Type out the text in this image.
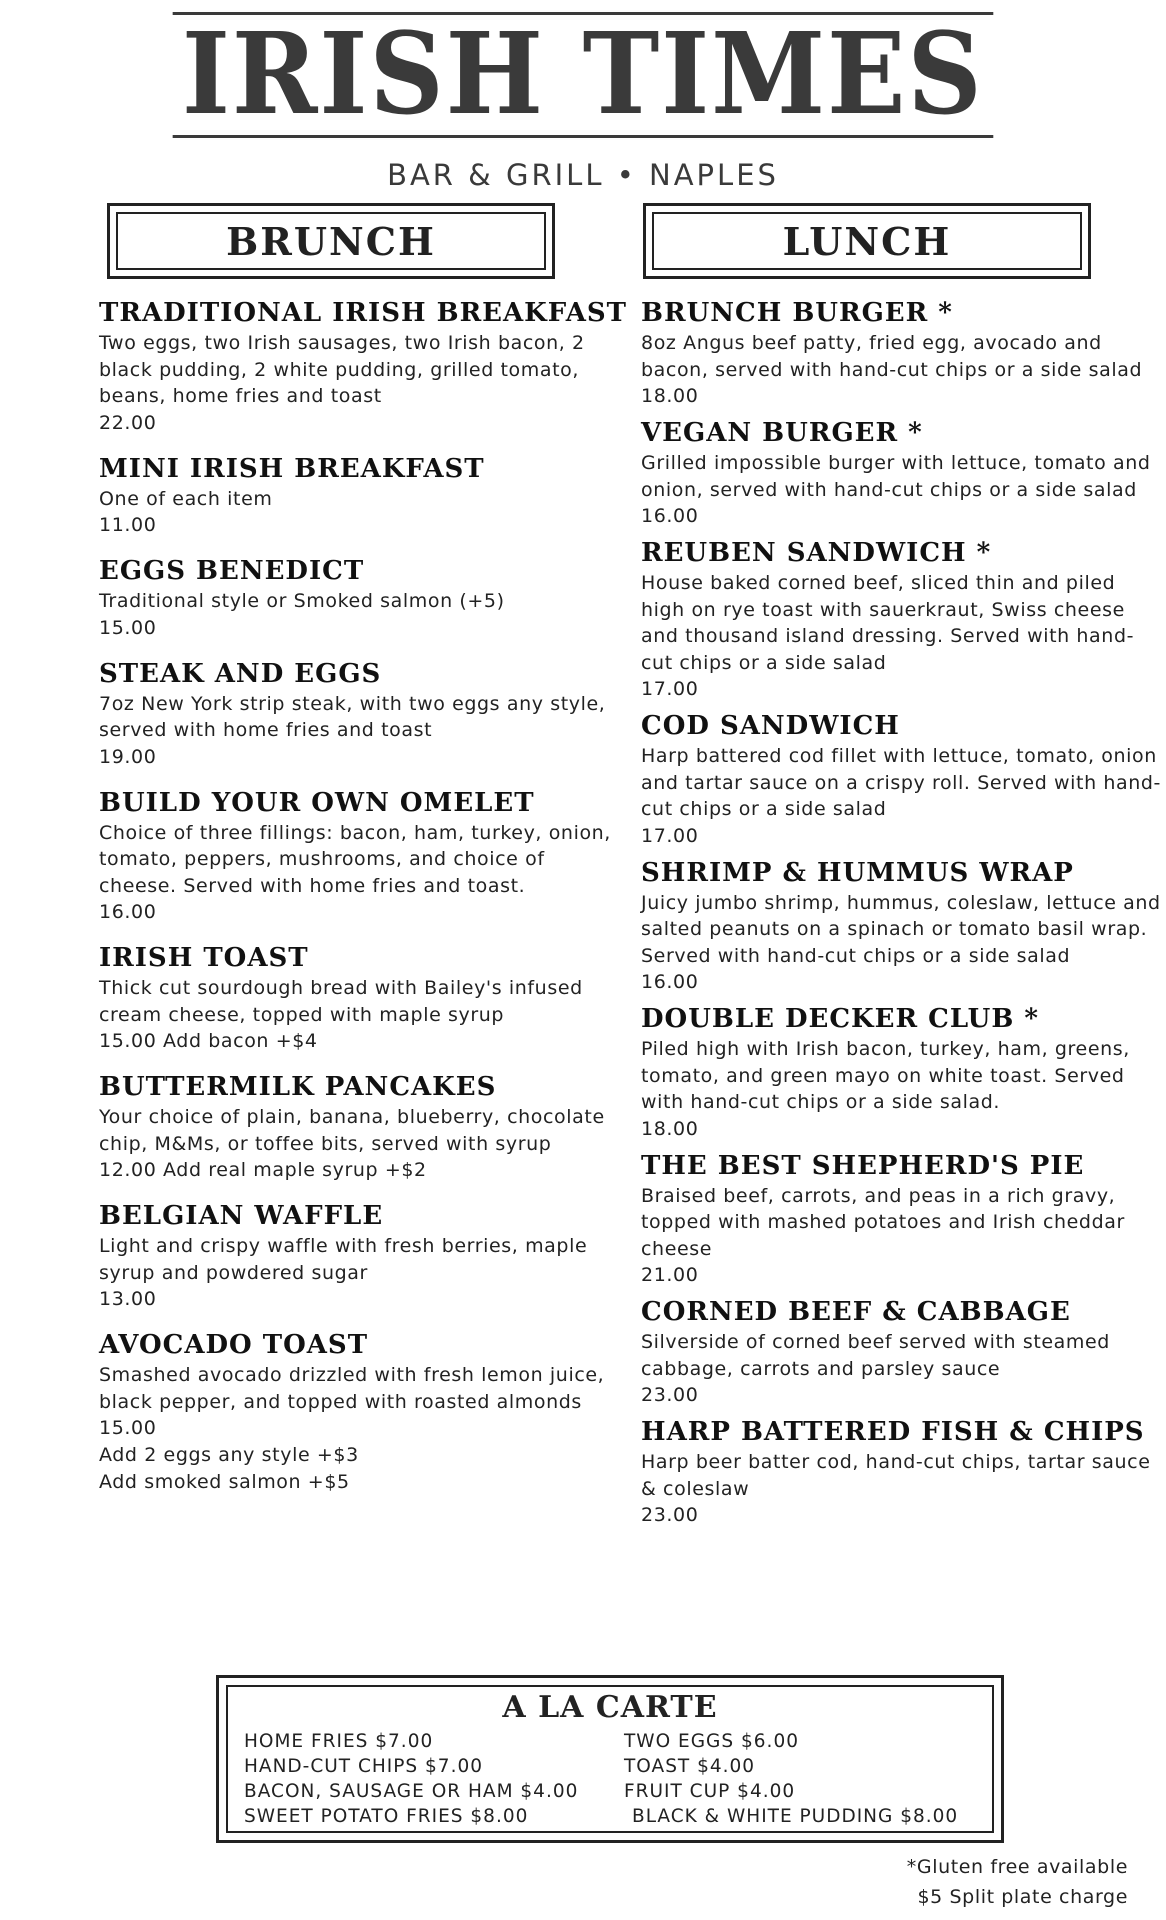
IRISH TIMES
BAR & GRILL • NAPLES
BRUNCH	LUNCH
TRADITIONAL IRISH BREAKFAST
Two eggs, two Irish sausages, two Irish bacon, 2 black pudding, 2 white pudding, grilled tomato, beans, home fries and toast
22.00
MINI IRISH BREAKFAST
One of each item
11.00
EGGS BENEDICT
Traditional style or Smoked salmon (+5)
15.00
STEAK AND EGGS
7oz New York strip steak, with two eggs any style, served with home fries and toast
19.00
BUILD YOUR OWN OMELET
Choice of three fillings: bacon, ham, turkey, onion, tomato, peppers, mushrooms, and choice of cheese. Served with home fries and toast.
16.00
IRISH TOAST
Thick cut sourdough bread with Bailey's infused cream cheese, topped with maple syrup
15.00 Add bacon +$4
BUTTERMILK PANCAKES
Your choice of plain, banana, blueberry, chocolate chip, M&Ms, or toffee bits, served with syrup
12.00 Add real maple syrup +$2
BELGIAN WAFFLE
Light and crispy waffle with fresh berries, maple syrup and powdered sugar
13.00
AVOCADO TOAST
Smashed avocado drizzled with fresh lemon juice, black pepper, and topped with roasted almonds
15.00
Add 2 eggs any style +$3
Add smoked salmon +$5
BRUNCH BURGER *
8oz Angus beef patty, fried egg, avocado and bacon, served with hand-cut chips or a side salad
18.00
VEGAN BURGER *
Grilled impossible burger with lettuce, tomato and onion, served with hand-cut chips or a side salad
16.00
REUBEN SANDWICH *
House baked corned beef, sliced thin and piled high on rye toast with sauerkraut, Swiss cheese and thousand island dressing. Served with hand-cut chips or a side salad
17.00
COD SANDWICH
Harp battered cod fillet with lettuce, tomato, onion and tartar sauce on a crispy roll. Served with hand-cut chips or a side salad
17.00
SHRIMP & HUMMUS WRAP
Juicy jumbo shrimp, hummus, coleslaw, lettuce and salted peanuts on a spinach or tomato basil wrap. Served with hand-cut chips or a side salad
16.00
DOUBLE DECKER CLUB *
Piled high with Irish bacon, turkey, ham, greens, tomato, and green mayo on white toast. Served with hand-cut chips or a side salad.
18.00
THE BEST SHEPHERD'S PIE
Braised beef, carrots, and peas in a rich gravy, topped with mashed potatoes and Irish cheddar cheese
21.00
CORNED BEEF & CABBAGE
Silverside of corned beef served with steamed cabbage, carrots and parsley sauce
23.00
HARP BATTERED FISH & CHIPS
Harp beer batter cod, hand-cut chips, tartar sauce & coleslaw
23.00
A LA CARTE
HOME FRIES $7.00	TWO EGGS $6.00
HAND-CUT CHIPS $7.00	TOAST $4.00
BACON, SAUSAGE OR HAM $4.00	FRUIT CUP $4.00
SWEET POTATO FRIES $8.00	BLACK & WHITE PUDDING $8.00
*Gluten free available
$5 Split plate charge
